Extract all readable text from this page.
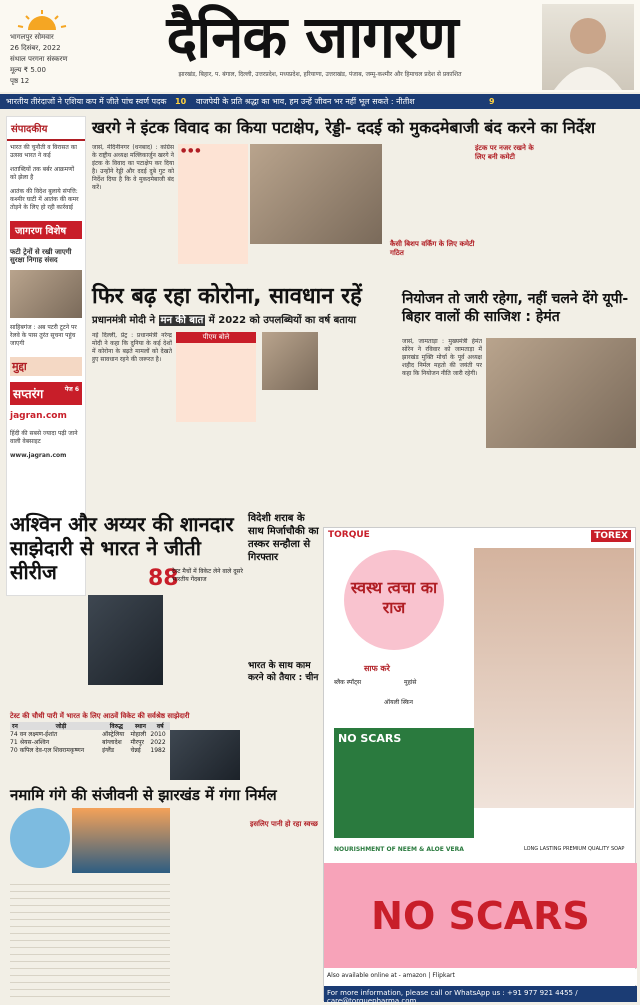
भागलपुर सोमवार
26 दिसंबर, 2022
संथाल परगना संस्करण
मूल्य ₹ 5.00
पृष्ठ 12
दैनिक जागरण
झारखंड, बिहार, प. बंगाल, दिल्ली, उत्तरप्रदेश, मध्यप्रदेश, हरियाणा, उत्तराखंड, पंजाब, जम्मू-कश्मीर और हिमाचल प्रदेश से प्रकाशित
भारतीय तीरंदाजों ने एशिया कप में जीते पांच स्वर्ण पदक 10 वाजपेयी के प्रति श्रद्धा का भाव, हम उन्हें जीवन भर नहीं भूल सकते : नीतीश	9
संपादकीय
भारत की चुनौती व विरासत का उत्सव भारत ने कई
शताब्दियों तक बर्बर आक्रमणों को झेला है
आतंक की विदेश बुलाये संपत्ति: कश्मीर घाटी में आतंक की कमर तोड़ने के लिए हो रही कार्रवाई
जागरण विशेष
फटी ट्रेनों से रखी जाएगी सुरक्षा निगाह संसद
साहिबगंज : अब पटरी टूटने पर रेलवे के पास तुरंत सूचना पहुंच जाएगी
मुद्दा
सप्तरंग	पेज 6
jagran.com
हिंदी की सबसे ज्यादा पढ़ी जाने वाली वेबसाइट
www.jagran.com
खरगे ने इंटक विवाद का किया पटाक्षेप, रेड्डी- ददई को मुकदमेबाजी बंद करने का निर्देश
जासं, मेदिनीनगर (धनबाद) : कांग्रेस के राष्ट्रीय अध्यक्ष मल्लिकार्जुन खरगे ने इंटक के विवाद का पटाक्षेप कर दिया है। उन्होंने रेड्डी और ददई दुबे गुट को निर्देश दिया है कि वे मुकदमेबाजी बंद करें।
● ● ●	इंटक पर नजर रखने के लिए बनी कमेटी
कैसी बिशप वर्किंग के लिए कमेटी गठित
फिर बढ़ रहा कोरोना, सावधान रहें
प्रधानमंत्री मोदी ने मन की बात में 2022 को उपलब्धियों का वर्ष बताया
नई दिल्ली, प्रेट्र : प्रधानमंत्री नरेन्द्र मोदी ने कहा कि दुनिया के कई देशों में कोरोना के बढ़ते मामलों को देखते हुए सावधान रहने की जरूरत है।
पीएम बोले
नियोजन तो जारी रहेगा, नहीं चलने देंगे यूपी-बिहार वालों की साजिश : हेमंत
जासं, जामताड़ा : मुख्यमंत्री हेमंत सोरेन ने रविवार को जामताड़ा में झारखंड मुक्ति मोर्चा के पूर्व अध्यक्ष शहीद निर्मल महतो की जयंती पर कहा कि नियोजन नीति जारी रहेगी।
अश्विन और अय्यर की शानदार साझेदारी से भारत ने जीती सीरीज	88
टेस्ट मैचों में विकेट लेने वाले दूसरे भारतीय गेंदबाज
टेस्ट की चौथी पारी में भारत के लिए आठवें विकेट की सर्वश्रेष्ठ साझेदारी
रन	जोड़ी	विरुद्ध	स्थान	वर्ष
74	वन लक्ष्मण-ईशांत	ऑस्ट्रेलिया	मोहाली	2010
71	श्रेयस-अश्विन	बांग्लादेश	मीरपुर	2022
70	कपिल देव-एल शिवरामकृष्णन	इंग्लैंड	चेन्नई	1982
विदेशी शराब के साथ मिर्जाचौकी का तस्कर सन्हौला से गिरफ्तार
भारत के साथ काम करने को तैयार : चीन
TORQUE	TOREX
स्वस्थ त्वचा का राज
साफ करे
ब्लैक स्पॉट्स	मुहांसे
ऑयली स्किन
NO SCARS
NOURISHMENT OF NEEM & ALOE VERA	LONG LASTING PREMIUM QUALITY SOAP
NO SCARS
Also available online at - amazon | Flipkart
For more information, please call or WhatsApp us : +91 977 921 4455 / care@torquepharma.com
नमामि गंगे की संजीवनी से झारखंड में गंगा निर्मल
इसलिए पानी हो रहा स्वच्छ
